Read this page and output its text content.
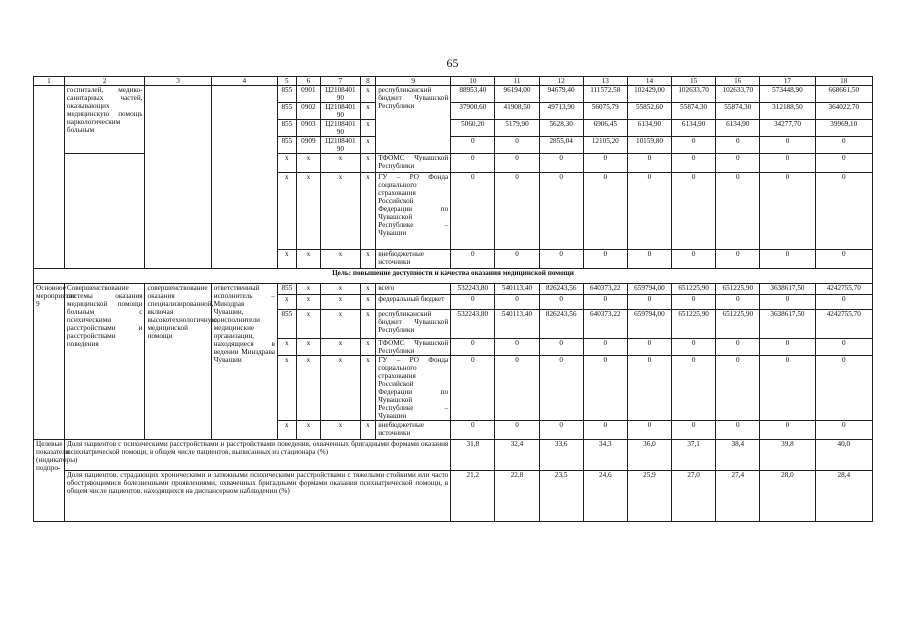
65
1	2	3	4	5	6	7	8	9	10	11	12	13	14	15	16	17	18
	госпиталей, медико-санитарных частей, оказывающих медицинскую помощь наркологическим больным			855	0901	Ц2108401 90	х	республиканский бюджет Чувашской Республики	88953,40	96194,00	94679,40	111572,58	102429,00	102633,70	102633,70	573448,90	668661,50
				855	0902	Ц2108401 90	х		37900,60	41908,50	49713,90	56075,79	55852,60	55874,30	55874,30	312188,50	364022,70
				855	0903	Ц2108401 90	х		5060,20	5179,90	5628,30	6906,45	6134,90	6134,90	6134,90	34277,70	39969,10
				855	0909	Ц2108401 90	х		0	0	2855,04	12105,20	10159,80	0	0	0	0
				х	х	х	х	ТФОМС Чувашской Республики	0	0	0	0	0	0	0	0	0
				х	х	х	х	ГУ – РО Фонда социального страхования Российской Федерации по Чувашской Республике – Чувашии	0	0	0	0	0	0	0	0	0
				х	х	х	х	внебюджетные источники	0	0	0	0	0	0	0	0	0
Цель: повышение доступности и качества оказания медицинской помощи																	
Основное мероприятие 9	Совершенствование системы оказания медицинской помощи больным с психическими расстройствами и расстройствами поведения	совершенствование оказания специализированной, включая высокотехнологичную, медицинской помощи	ответственный исполнитель – Минздрав Чувашии, соисполнители медицинские организации, находящиеся в ведении Минздрава Чувашии	855	х	х	х	всего	532243,80	540113,40	826243,56	640373,22	659794,00	651225,90	651225,90	3638617,50	4242755,70
				х	х	х	х	федеральный бюджет	0	0	0	0	0	0	0	0	0
				855	х	х	х	республиканский бюджет Чувашской Республики	532243,80	540113,40	826243,56	640373,22	659794,00	651225,90	651225,90	3638617,50	4242755,70
				х	х	х	х	ТФОМС Чувашской Республики	0	0	0	0	0	0	0	0	0
				х	х	х	х	ГУ – РО Фонда социального страхования Российской Федерации по Чувашской Республике – Чувашии	0	0	0	0	0	0	0	0	0
				х	х	х	х	внебюджетные источники	0	0	0	0	0	0	0	0	0
Целевые показатели (индикаторы) подпро-	Доля пациентов с психическими расстройствами и расстройствами поведения, охваченных бригадными формами оказания психиатрической помощи, в общем числе пациентов, выписанных из стационара (%)								31,8	32,4	33,6	34,3	36,0	37,1	38,4	39,8	40,0
	Доля пациентов, страдающих хроническими и затяжными психическими расстройствами с тяжелыми стойкими или часто обостряющимися болезненными проявлениями, охваченных бригадными формами оказания психиатрической помощи, в общем числе пациентов, находящихся на диспансерном наблюдении (%)								21,2	22,8	23,5	24,6	25,9	27,0	27,4	28,0	28,4
